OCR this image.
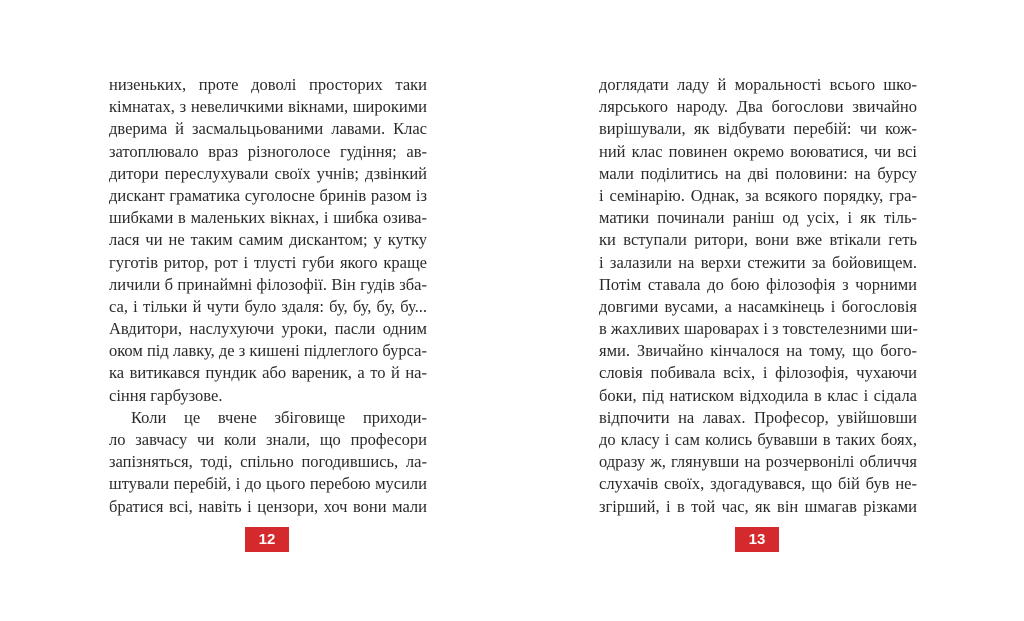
низеньких, проте доволі просторих таки
кімнатах, з невеличкими вікнами, широкими
дверима й засмальцьованими лавами. Клас
затоплювало враз різноголосе гудіння; ав-
дитори переслухували своїх учнів; дзвінкий
дискант граматика суголосне бринів разом із
шибками в маленьких вікнах, і шибка озива-
лася чи не таким самим дискантом; у кутку
гуготів ритор, рот і тлусті губи якого краще
личили б принаймні філозофії. Він гудів зба-
са, і тільки й чути було здаля: бу, бу, бу, бу...
Авдитори, наслухуючи уроки, пасли одним
оком під лавку, де з кишені підлеглого бурса-
ка витикався пундик або вареник, а то й на-
сіння гарбузове.
Коли це вчене збіговище приходи-
ло завчасу чи коли знали, що професори
запізняться, тоді, спільно погодившись, ла-
штували перебій, і до цього перебою мусили
братися всі, навіть і цензори, хоч вони мали
доглядати ладу й моральності всього шко-
лярського народу. Два богослови звичайно
вирішували, як відбувати перебій: чи кож-
ний клас повинен окремо воюватися, чи всі
мали поділитись на дві половини: на бурсу
і семінарію. Однак, за всякого порядку, гра-
матики починали раніш од усіх, і як тіль-
ки вступали ритори, вони вже втікали геть
і залазили на верхи стежити за бойовищем.
Потім ставала до бою філозофія з чорними
довгими вусами, а насамкінець і богословія
в жахливих шароварах і з товстелезними ши-
ями. Звичайно кінчалося на тому, що бого-
словія побивала всіх, і філозофія, чухаючи
боки, під натиском відходила в клас і сідала
відпочити на лавах. Професор, увійшовши
до класу і сам колись бувавши в таких боях,
одразу ж, глянувши на розчервонілі обличчя
слухачів своїх, здогадувався, що бій був не-
згірший, і в той час, як він шмагав різками
12	13
